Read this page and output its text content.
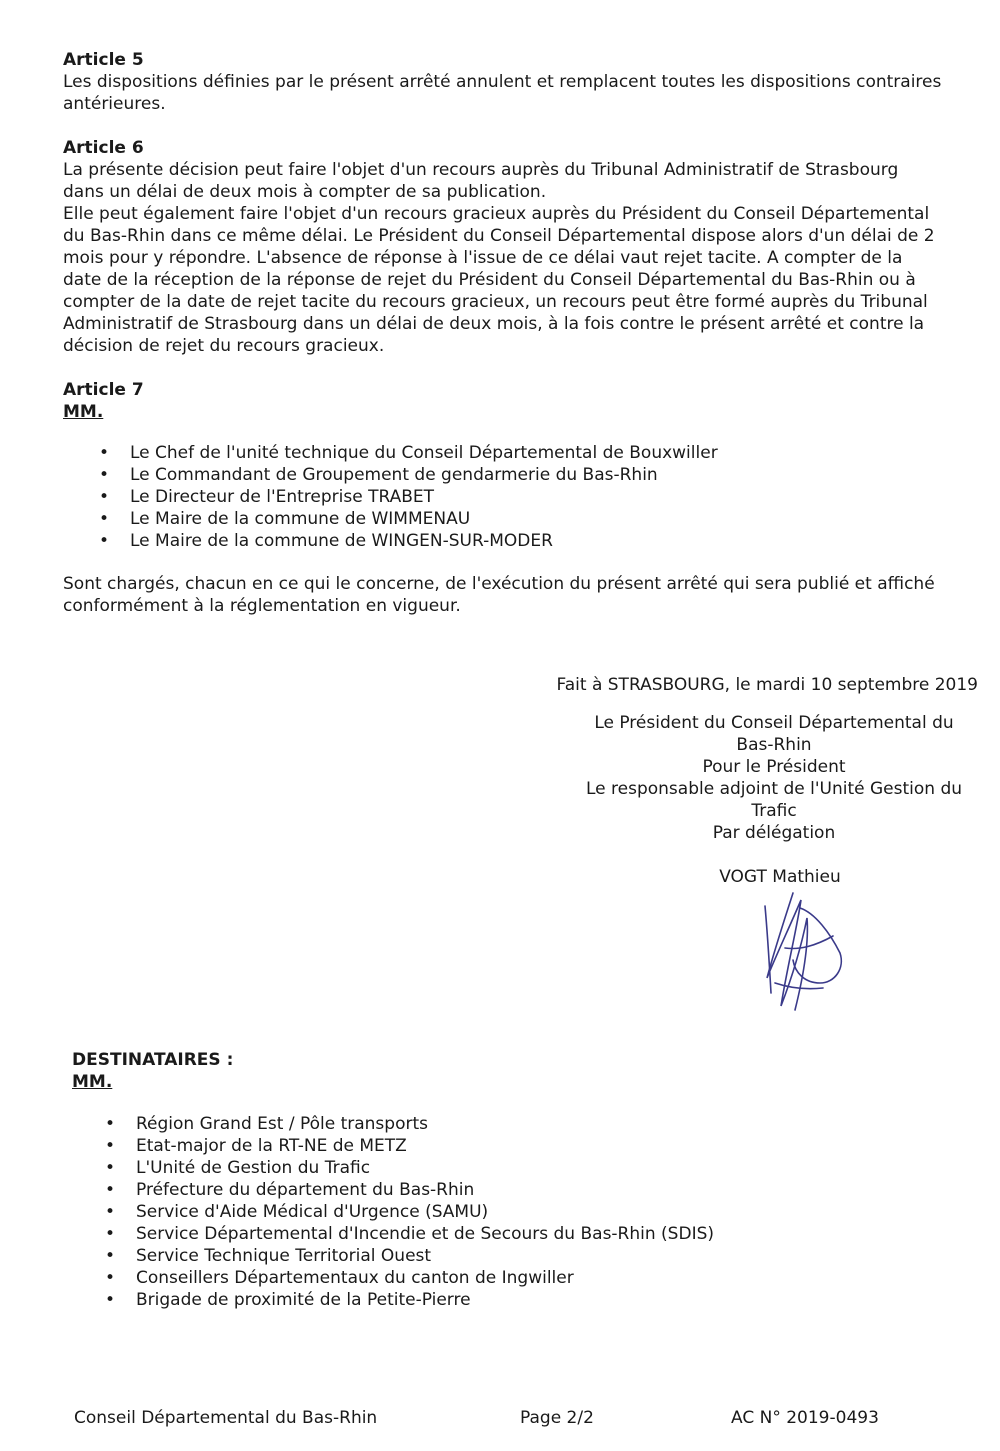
Article 5

Les dispositions définies par le présent arrêté annulent et remplacent toutes les dispositions contraires antérieures.

Article 6

La présente décision peut faire l'objet d'un recours auprès du Tribunal Administratif de Strasbourg dans un délai de deux mois à compter de sa publication.

Elle peut également faire l'objet d'un recours gracieux auprès du Président du Conseil Départemental du Bas-Rhin dans ce même délai. Le Président du Conseil Départemental dispose alors d'un délai de 2 mois pour y répondre. L'absence de réponse à l'issue de ce délai vaut rejet tacite. A compter de la date de la réception de la réponse de rejet du Président du Conseil Départemental du Bas-Rhin ou à compter de la date de rejet tacite du recours gracieux, un recours peut être formé auprès du Tribunal Administratif de Strasbourg dans un délai de deux mois, à la fois contre le présent arrêté et contre la décision de rejet du recours gracieux.

Article 7
MM.
• Le Chef de l'unité technique du Conseil Départemental de Bouxwiller
• Le Commandant de Groupement de gendarmerie du Bas-Rhin
• Le Directeur de l'Entreprise TRABET
• Le Maire de la commune de WIMMENAU
• Le Maire de la commune de WINGEN-SUR-MODER

Sont chargés, chacun en ce qui le concerne, de l'exécution du présent arrêté qui sera publié et affiché conformément à la réglementation en vigueur.

Fait à STRASBOURG, le mardi 10 septembre 2019
Le Président du Conseil Départemental du
Bas-Rhin
Pour le Président
Le responsable adjoint de l'Unité Gestion du
Trafic
Par délégation
VOGT Mathieu
DESTINATAIRES :
MM.
• Région Grand Est / Pôle transports
• Etat-major de la RT-NE de METZ
• L'Unité de Gestion du Trafic
• Préfecture du département du Bas-Rhin
• Service d'Aide Médical d'Urgence (SAMU)
• Service Départemental d'Incendie et de Secours du Bas-Rhin (SDIS)
• Service Technique Territorial Ouest
• Conseillers Départementaux du canton de Ingwiller
• Brigade de proximité de la Petite-Pierre
Conseil Départemental du Bas-Rhin	Page 2/2	AC N° 2019-0493
